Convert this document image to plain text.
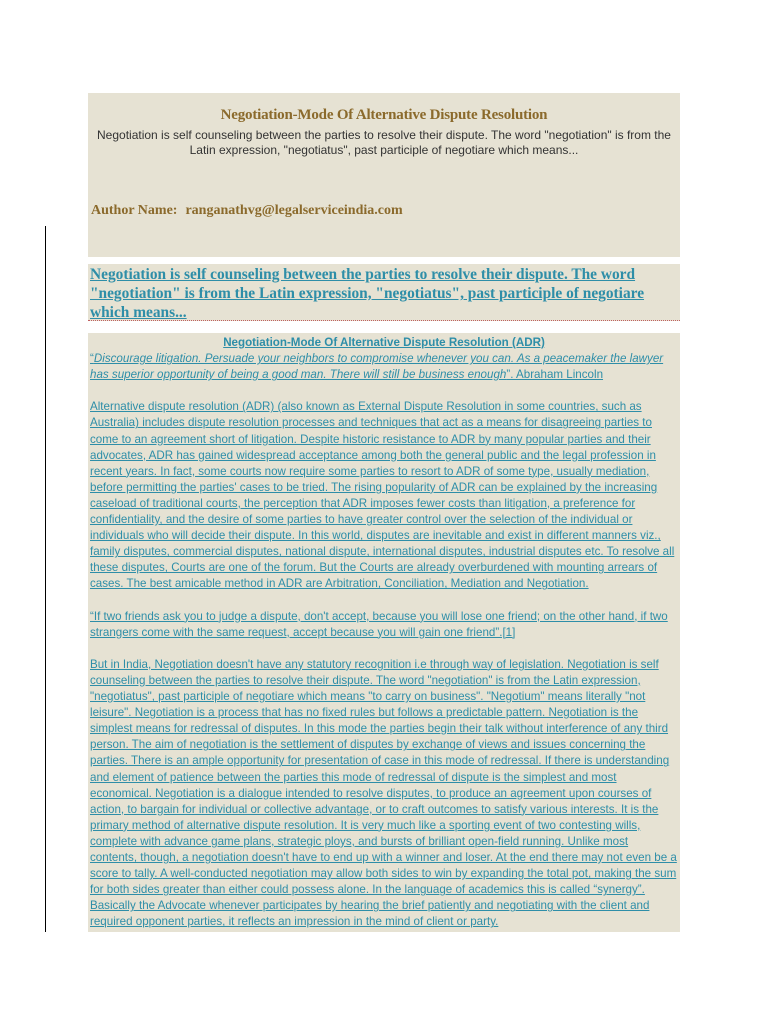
Negotiation-Mode Of Alternative Dispute Resolution
Negotiation is self counseling between the parties to resolve their dispute. The word "negotiation" is from the Latin expression, "negotiatus", past participle of negotiare which means...
Author Name: ranganathvg@legalserviceindia.com
Negotiation is self counseling between the parties to resolve their dispute. The word "negotiation" is from the Latin expression, "negotiatus", past participle of negotiare which means...
Negotiation-Mode Of Alternative Dispute Resolution (ADR)

“Discourage litigation. Persuade your neighbors to compromise whenever you can. As a peacemaker the lawyer has superior opportunity of being a good man. There will still be business enough”. Abraham Lincoln

Alternative dispute resolution (ADR) (also known as External Dispute Resolution in some countries, such as Australia) includes dispute resolution processes and techniques that act as a means for disagreeing parties to come to an agreement short of litigation. Despite historic resistance to ADR by many popular parties and their advocates, ADR has gained widespread acceptance among both the general public and the legal profession in recent years. In fact, some courts now require some parties to resort to ADR of some type, usually mediation, before permitting the parties' cases to be tried. The rising popularity of ADR can be explained by the increasing caseload of traditional courts, the perception that ADR imposes fewer costs than litigation, a preference for confidentiality, and the desire of some parties to have greater control over the selection of the individual or individuals who will decide their dispute. In this world, disputes are inevitable and exist in different manners viz., family disputes, commercial disputes, national dispute, international disputes, industrial disputes etc. To resolve all these disputes, Courts are one of the forum. But the Courts are already overburdened with mounting arrears of cases. The best amicable method in ADR are Arbitration, Conciliation, Mediation and Negotiation.

“If two friends ask you to judge a dispute, don't accept, because you will lose one friend; on the other hand, if two strangers come with the same request, accept because you will gain one friend”.[1]

But in India, Negotiation doesn't have any statutory recognition i.e through way of legislation. Negotiation is self counseling between the parties to resolve their dispute. The word "negotiation" is from the Latin expression, "negotiatus", past participle of negotiare which means "to carry on business". "Negotium" means literally "not leisure". Negotiation is a process that has no fixed rules but follows a predictable pattern. Negotiation is the simplest means for redressal of disputes. In this mode the parties begin their talk without interference of any third person. The aim of negotiation is the settlement of disputes by exchange of views and issues concerning the parties. There is an ample opportunity for presentation of case in this mode of redressal. If there is understanding and element of patience between the parties this mode of redressal of dispute is the simplest and most economical. Negotiation is a dialogue intended to resolve disputes, to produce an agreement upon courses of action, to bargain for individual or collective advantage, or to craft outcomes to satisfy various interests. It is the primary method of alternative dispute resolution. It is very much like a sporting event of two contesting wills, complete with advance game plans, strategic ploys, and bursts of brilliant open-field running. Unlike most contents, though, a negotiation doesn't have to end up with a winner and loser. At the end there may not even be a score to tally. A well-conducted negotiation may allow both sides to win by expanding the total pot, making the sum for both sides greater than either could possess alone. In the language of academics this is called “synergy”. Basically the Advocate whenever participates by hearing the brief patiently and negotiating with the client and required opponent parties, it reflects an impression in the mind of client or party.
